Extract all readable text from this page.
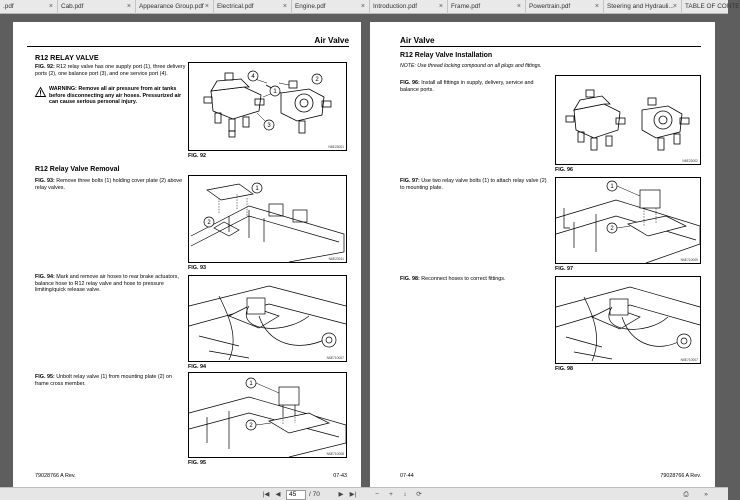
.pdf	×	Cab.pdf	×	Appearance Group.pdf ×	Electrical.pdf	×	Engine.pdf	×	Introduction.pdf	×	Frame.pdf	×	Powertrain.pdf	×	Steering and Hydrauli... ×	TABLE OF CONTE
Air Valve
R12 RELAY VALVE
FIG. 92: R12 relay valve has one supply port (1), three delivery ports (2), one balance port (3), and one service port (4).
WARNING: Remove all air pressure from air tanks before disconnecting any air hoses. Pressurized air can cause serious personal injury.
1
4
3
2
N6E23001
FIG. 92
R12 Relay Valve Removal
FIG. 93: Remove three bolts (1) holding cover plate (2) above relay valves.	1
2
N6E23011
FIG. 93
FIG. 94: Mark and remove air hoses to rear brake actuators, balance hose to R12 relay valve and hose to pressure limiting/quick release valve.
N6E710007
FIG. 94
FIG. 95: Unbolt relay valve (1) from mounting plate (2) on frame cross member.	1
2
N6E710008
FIG. 95
79028766 A Rev.	07-43
Air Valve
R12 Relay Valve Installation
NOTE: Use thread locking compound on all plugs and fittings.
FIG. 96: Install all fittings in supply, delivery, service and balance ports.
N6E23002
FIG. 96
FIG. 97: Use two relay valve bolts (1) to attach relay valve (2) to mounting plate.	1
2
N6E710009
FIG. 97
FIG. 98: Reconnect hoses to correct fittings.
N6E710007
FIG. 98
07-44	79028766 A Rev.
|◀ ◀	45	/ 70	▶ ▶|	−	+	↕	⟳	⎙	»
